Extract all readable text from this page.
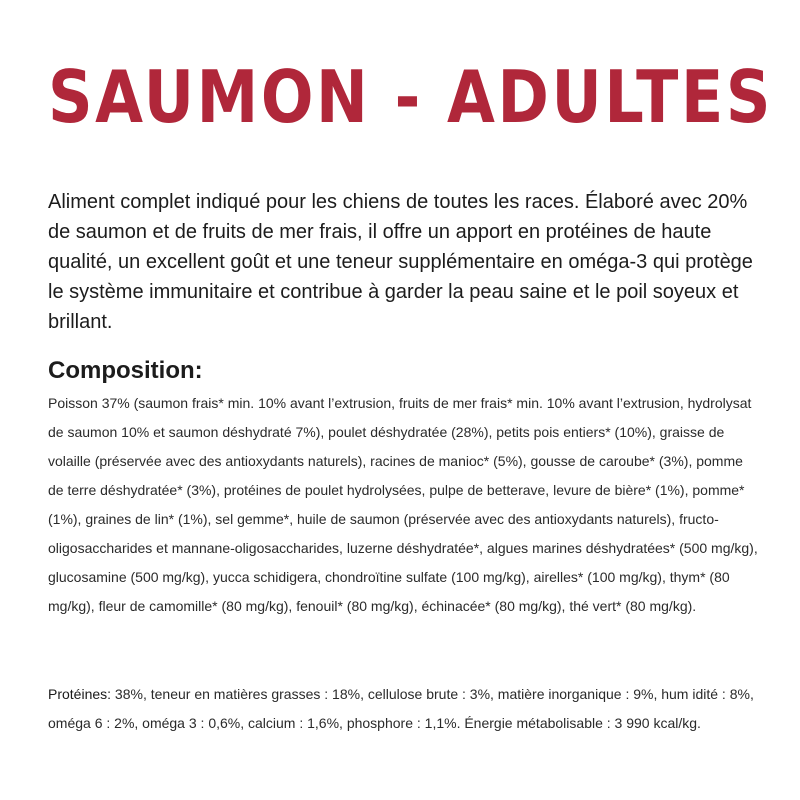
SAUMON - ADULTES

Aliment complet indiqué pour les chiens de toutes les races. Élaboré avec 20% de saumon et de fruits de mer frais, il offre un apport en protéines de haute qualité, un excellent goût et une teneur supplémentaire en oméga-3 qui protège le système immunitaire et contribue à garder la peau saine et le poil soyeux et brillant.

Composition:

Poisson 37% (saumon frais* min. 10% avant l’extrusion, fruits de mer frais* min. 10% avant l’extrusion, hydrolysat de saumon 10% et saumon déshydraté 7%), poulet déshydratée (28%), petits pois entiers* (10%), graisse de volaille (préservée avec des antioxydants naturels), racines de manioc* (5%), gousse de caroube* (3%), pomme de terre déshydratée* (3%), protéines de poulet hydrolysées, pulpe de betterave, levure de bière* (1%), pomme* (1%), graines de lin* (1%), sel gemme*, huile de saumon (préservée avec des antioxydants naturels), fructo-oligosaccharides et mannane-oligosaccharides, luzerne déshydratée*, algues marines déshydratées* (500 mg/kg), glucosamine (500 mg/kg), yucca schidigera, chondroïtine sulfate (100 mg/kg), airelles* (100 mg/kg), thym* (80 mg/kg), fleur de camomille* (80 mg/kg), fenouil* (80 mg/kg), échinacée* (80 mg/kg), thé vert* (80 mg/kg).

Protéines: 38%, teneur en matières grasses : 18%, cellulose brute : 3%, matière inorganique : 9%, hum idité : 8%, oméga 6 : 2%, oméga 3 : 0,6%, calcium : 1,6%, phosphore : 1,1%. Énergie métabolisable : 3 990 kcal/kg.
